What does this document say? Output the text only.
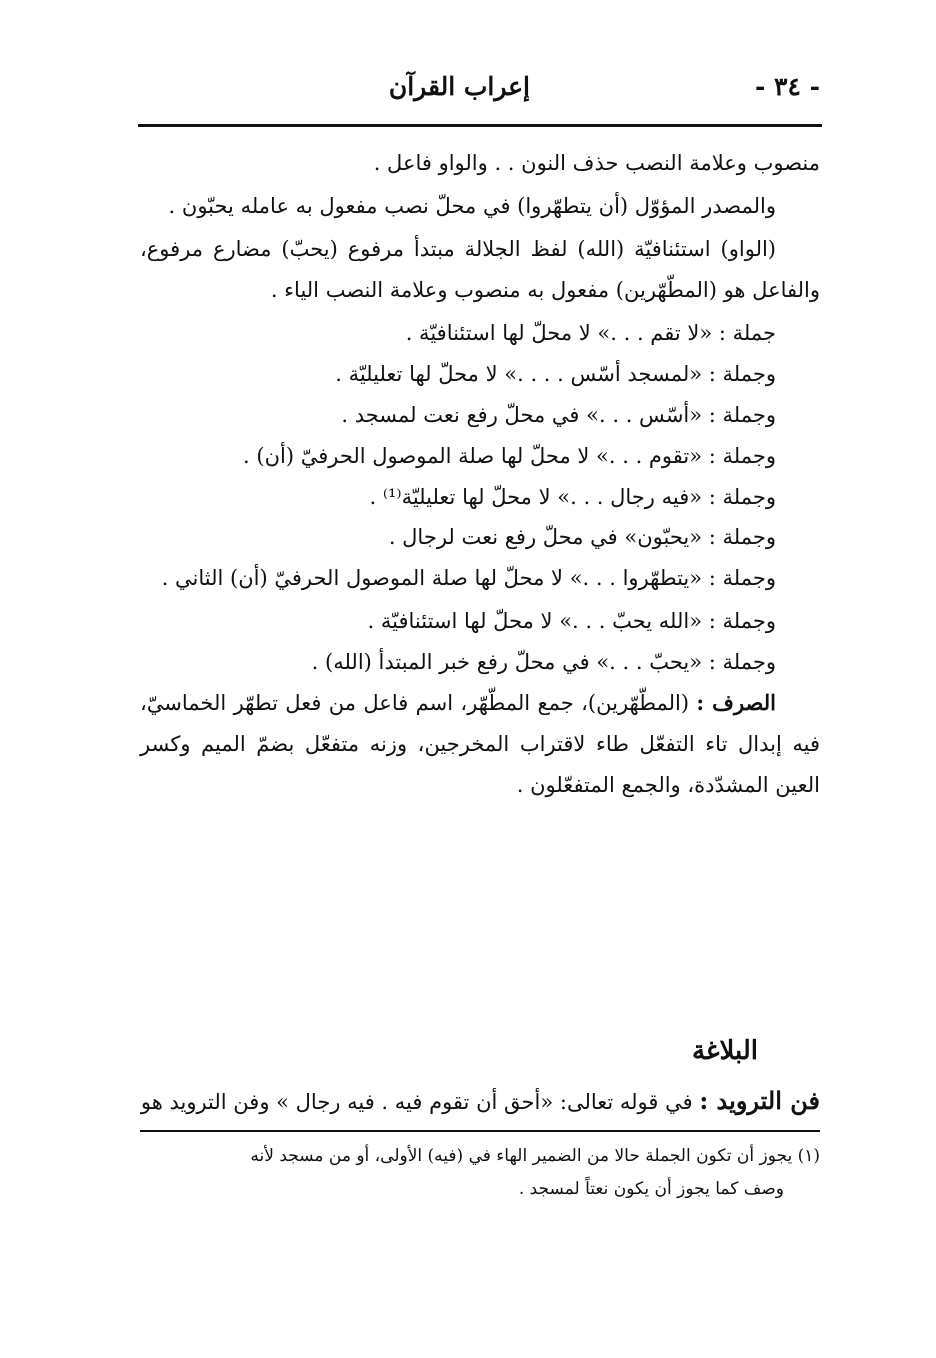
- ٣٤ -
إعراب القرآن

منصوب وعلامة النصب حذف النون . . والواو فاعل .

والمصدر المؤوّل (أن يتطهّروا) في محلّ نصب مفعول به عامله يحبّون .

(الواو) استئنافيّة (الله) لفظ الجلالة مبتدأ مرفوع (يحبّ) مضارع مرفوع، والفاعل هو (المطّهّرين) مفعول به منصوب وعلامة النصب الياء .

جملة : «لا تقم . . .» لا محلّ لها استئنافيّة .

وجملة : «لمسجد أسّس . . . .» لا محلّ لها تعليليّة .

وجملة : «أسّس . . .» في محلّ رفع نعت لمسجد .

وجملة : «تقوم . . .» لا محلّ لها صلة الموصول الحرفيّ (أن) .

وجملة : «فيه رجال . . .» لا محلّ لها تعليليّة⁽¹⁾ .

وجملة : «يحبّون» في محلّ رفع نعت لرجال .

وجملة : «يتطهّروا . . .» لا محلّ لها صلة الموصول الحرفيّ (أن) الثاني .

وجملة : «الله يحبّ . . .» لا محلّ لها استئنافيّة .

وجملة : «يحبّ . . .» في محلّ رفع خبر المبتدأ (الله) .

الصرف : (المطّهّرين)، جمع المطّهّر، اسم فاعل من فعل تطهّر الخماسيّ، فيه إبدال تاء التفعّل طاء لاقتراب المخرجين، وزنه متفعّل بضمّ الميم وكسر العين المشدّدة، والجمع المتفعّلون .

البلاغة
فن الترويد : في قوله تعالى: «أحق أن تقوم فيه . فيه رجال » وفن الترويد هو

(١) يجوز أن تكون الجملة حالا من الضمير الهاء في (فيه) الأولى، أو من مسجد لأنه

وصف كما يجوز أن يكون نعتاً لمسجد .
